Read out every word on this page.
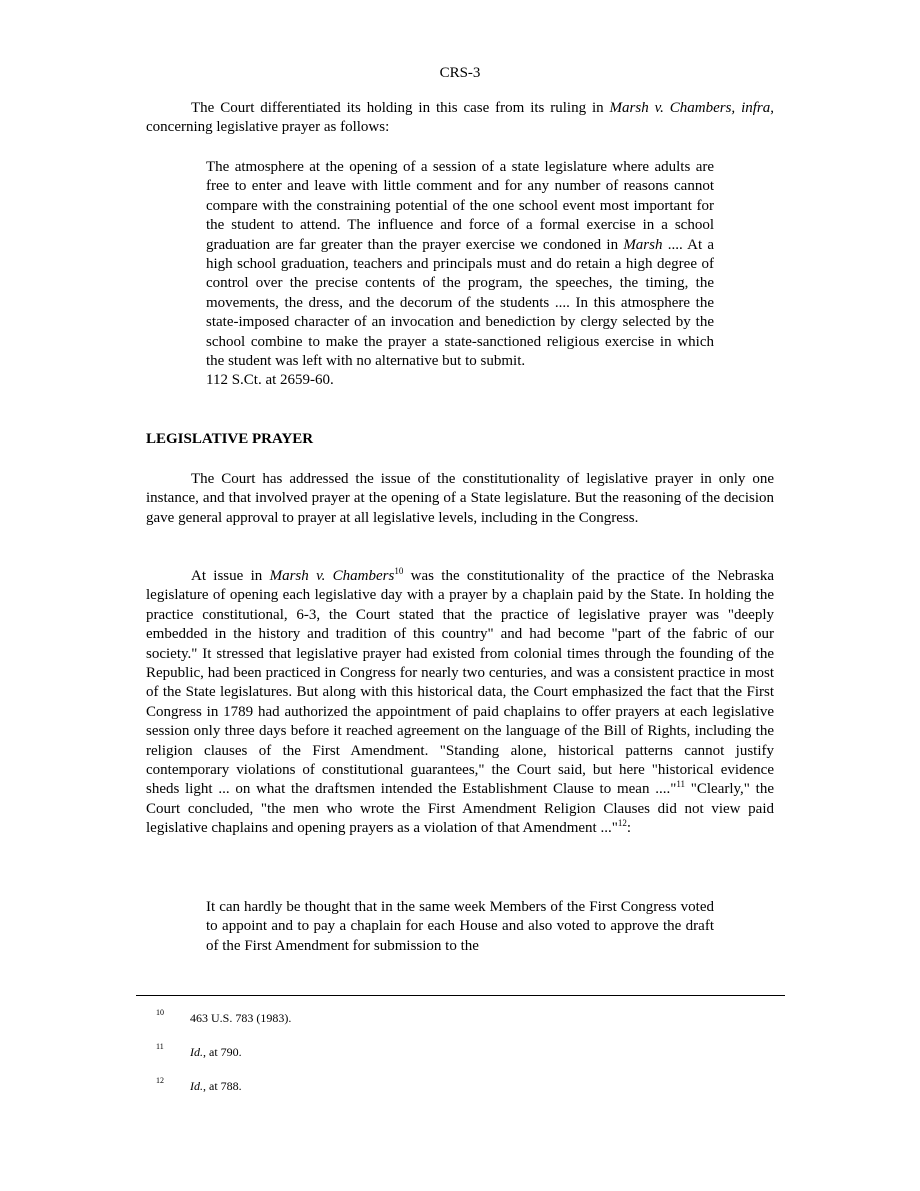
CRS-3

The Court differentiated its holding in this case from its ruling in Marsh v. Chambers, infra, concerning legislative prayer as follows:

The atmosphere at the opening of a session of a state legislature where adults are free to enter and leave with little comment and for any number of reasons cannot compare with the constraining potential of the one school event most important for the student to attend. The influence and force of a formal exercise in a school graduation are far greater than the prayer exercise we condoned in Marsh .... At a high school graduation, teachers and principals must and do retain a high degree of control over the precise contents of the program, the speeches, the timing, the movements, the dress, and the decorum of the students .... In this atmosphere the state-imposed character of an invocation and benediction by clergy selected by the school combine to make the prayer a state-sanctioned religious exercise in which the student was left with no alternative but to submit.

112 S.Ct. at 2659-60.

LEGISLATIVE PRAYER

The Court has addressed the issue of the constitutionality of legislative prayer in only one instance, and that involved prayer at the opening of a State legislature. But the reasoning of the decision gave general approval to prayer at all legislative levels, including in the Congress.

At issue in Marsh v. Chambers$^{10}$ was the constitutionality of the practice of the Nebraska legislature of opening each legislative day with a prayer by a chaplain paid by the State. In holding the practice constitutional, 6-3, the Court stated that the practice of legislative prayer was "deeply embedded in the history and tradition of this country" and had become "part of the fabric of our society." It stressed that legislative prayer had existed from colonial times through the founding of the Republic, had been practiced in Congress for nearly two centuries, and was a consistent practice in most of the State legislatures. But along with this historical data, the Court emphasized the fact that the First Congress in 1789 had authorized the appointment of paid chaplains to offer prayers at each legislative session only three days before it reached agreement on the language of the Bill of Rights, including the religion clauses of the First Amendment. "Standing alone, historical patterns cannot justify contemporary violations of constitutional guarantees," the Court said, but here "historical evidence sheds light ... on what the draftsmen intended the Establishment Clause to mean ...."$^{11}$ "Clearly," the Court concluded, "the men who wrote the First Amendment Religion Clauses did not view paid legislative chaplains and opening prayers as a violation of that Amendment ..."$^{12}$:

It can hardly be thought that in the same week Members of the First Congress voted to appoint and to pay a chaplain for each House and also voted to approve the draft of the First Amendment for submission to the

10 463 U.S. 783 (1983).
11 Id., at 790.
12 Id., at 788.
